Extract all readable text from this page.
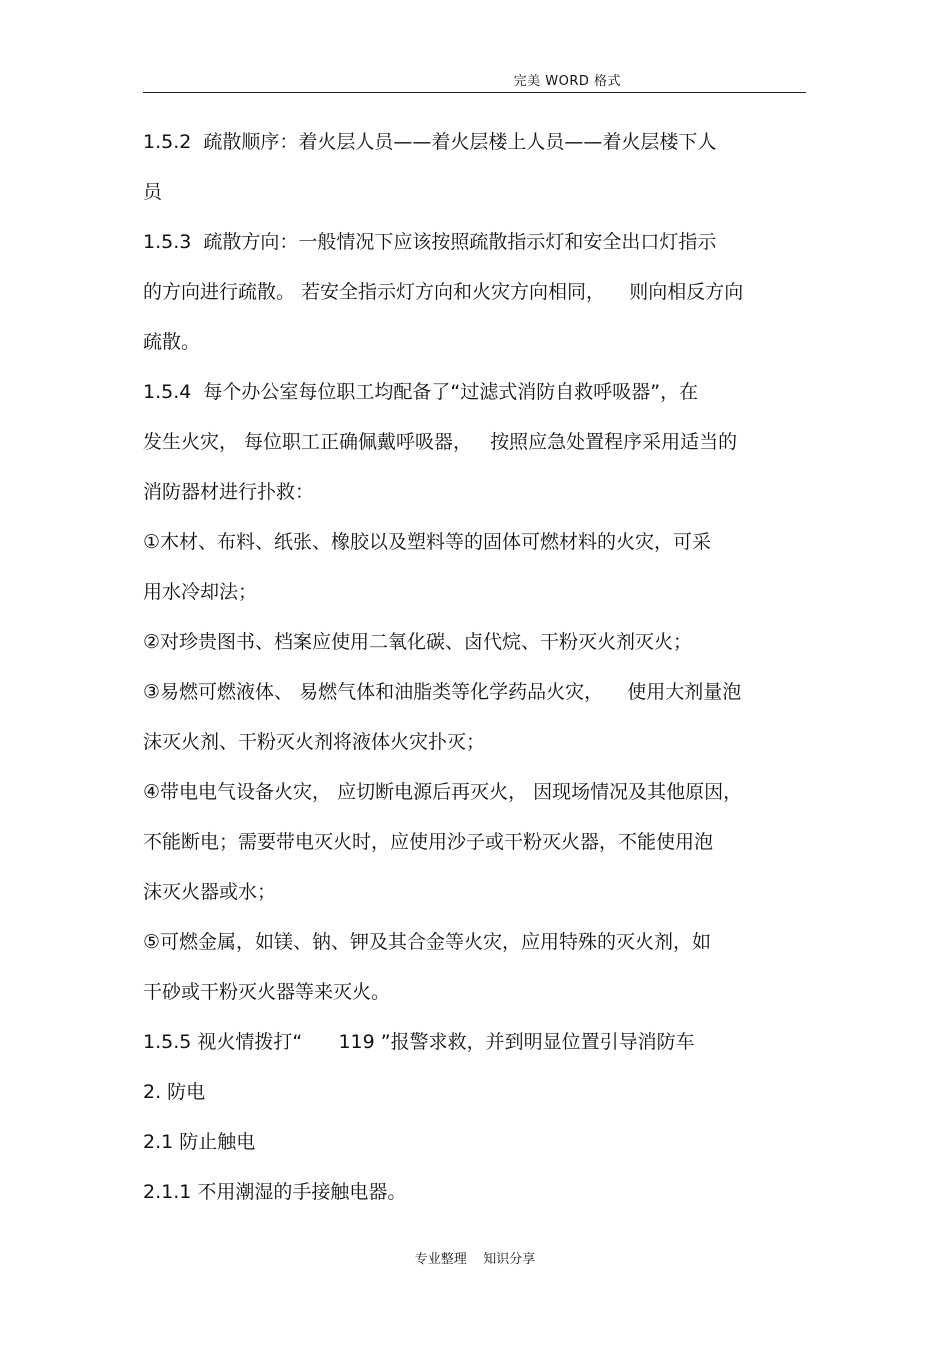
完美 WORD 格式
1.5.2  疏散顺序：着火层人员——着火层楼上人员——着火层楼下人
员
1.5.3  疏散方向：一般情况下应该按照疏散指示灯和安全出口灯指示
的方向进行疏散。 若安全指示灯方向和火灾方向相同，    则向相反方向
疏散。
1.5.4  每个办公室每位职工均配备了“过滤式消防自救呼吸器”，在
发生火灾， 每位职工正确佩戴呼吸器，   按照应急处置程序采用适当的
消防器材进行扑救：
①木材、布料、纸张、橡胶以及塑料等的固体可燃材料的火灾，可采
用水冷却法；
②对珍贵图书、档案应使用二氧化碳、卤代烷、干粉灭火剂灭火；
③易燃可燃液体、 易燃气体和油脂类等化学药品火灾，    使用大剂量泡
沫灭火剂、干粉灭火剂将液体火灾扑灭；
④带电电气设备火灾， 应切断电源后再灭火， 因现场情况及其他原因，
不能断电；需要带电灭火时，应使用沙子或干粉灭火器，不能使用泡
沫灭火器或水；
⑤可燃金属，如镁、钠、钾及其合金等火灾，应用特殊的灭火剂，如
干砂或干粉灭火器等来灭火。
1.5.5 视火情拨打“      119 ”报警求救，并到明显位置引导消防车
2. 防电
2.1 防止触电
2.1.1 不用潮湿的手接触电器。
专业整理    知识分享
